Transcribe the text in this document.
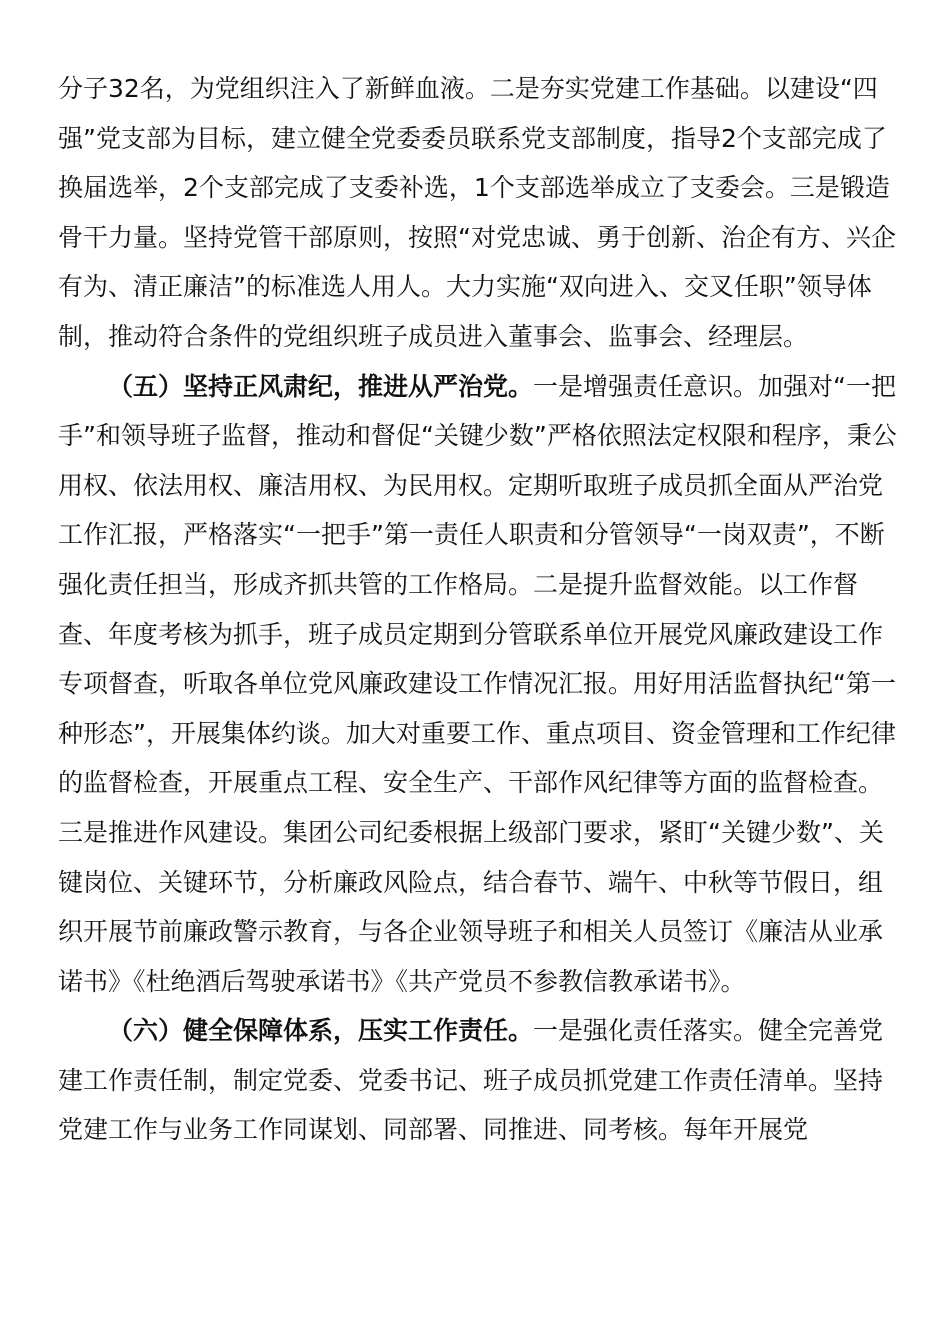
分子32名，为党组织注入了新鲜血液。二是夯实党建工作基础。以建设“四强”党支部为目标，建立健全党委委员联系党支部制度，指导2个支部完成了换届选举，2个支部完成了支委补选，1个支部选举成立了支委会。三是锻造骨干力量。坚持党管干部原则，按照“对党忠诚、勇于创新、治企有方、兴企有为、清正廉洁”的标准选人用人。大力实施“双向进入、交叉任职”领导体制，推动符合条件的党组织班子成员进入董事会、监事会、经理层。

（五）坚持正风肃纪，推进从严治党。一是增强责任意识。加强对“一把手”和领导班子监督，推动和督促“关键少数”严格依照法定权限和程序，秉公用权、依法用权、廉洁用权、为民用权。定期听取班子成员抓全面从严治党工作汇报，严格落实“一把手”第一责任人职责和分管领导“一岗双责”，不断强化责任担当，形成齐抓共管的工作格局。二是提升监督效能。以工作督查、年度考核为抓手，班子成员定期到分管联系单位开展党风廉政建设工作专项督查，听取各单位党风廉政建设工作情况汇报。用好用活监督执纪“第一种形态”，开展集体约谈。加大对重要工作、重点项目、资金管理和工作纪律的监督检查，开展重点工程、安全生产、干部作风纪律等方面的监督检查。三是推进作风建设。集团公司纪委根据上级部门要求，紧盯“关键少数”、关键岗位、关键环节，分析廉政风险点，结合春节、端午、中秋等节假日，组织开展节前廉政警示教育，与各企业领导班子和相关人员签订《廉洁从业承诺书》《杜绝酒后驾驶承诺书》《共产党员不参教信教承诺书》。

（六）健全保障体系，压实工作责任。一是强化责任落实。健全完善党建工作责任制，制定党委、党委书记、班子成员抓党建工作责任清单。坚持党建工作与业务工作同谋划、同部署、同推进、同考核。每年开展党
